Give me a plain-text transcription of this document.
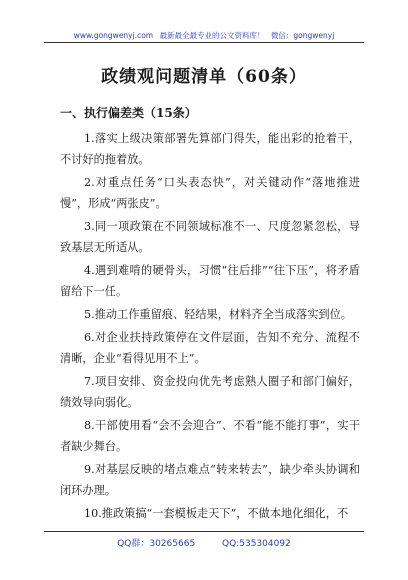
www.gongwenyj.com 最新最全最专业的公文资料库！ 微信：gongwenyj
政绩观问题清单（60条）
一、执行偏差类（15条）

1.落实上级决策部署先算部门得失，能出彩的抢着干，不讨好的拖着放。

2.对重点任务“口头表态快”，对关键动作“落地推进慢”，形成“两张皮”。

3.同一项政策在不同领域标准不一、尺度忽紧忽松，导致基层无所适从。

4.遇到难啃的硬骨头，习惯“往后排”“往下压”，将矛盾留给下一任。

5.推动工作重留痕、轻结果，材料齐全当成落实到位。

6.对企业扶持政策停在文件层面，告知不充分、流程不清晰，企业“看得见用不上”。

7.项目安排、资金投向优先考虑熟人圈子和部门偏好，绩效导向弱化。

8.干部使用看“会不会迎合”、不看“能不能打事”，实干者缺少舞台。

9.对基层反映的堵点难点“转来转去”，缺少牵头协调和闭环办理。

10.推政策搞“一套模板走天下”，不做本地化细化，不

QQ群：30265665	QQ:535304092
